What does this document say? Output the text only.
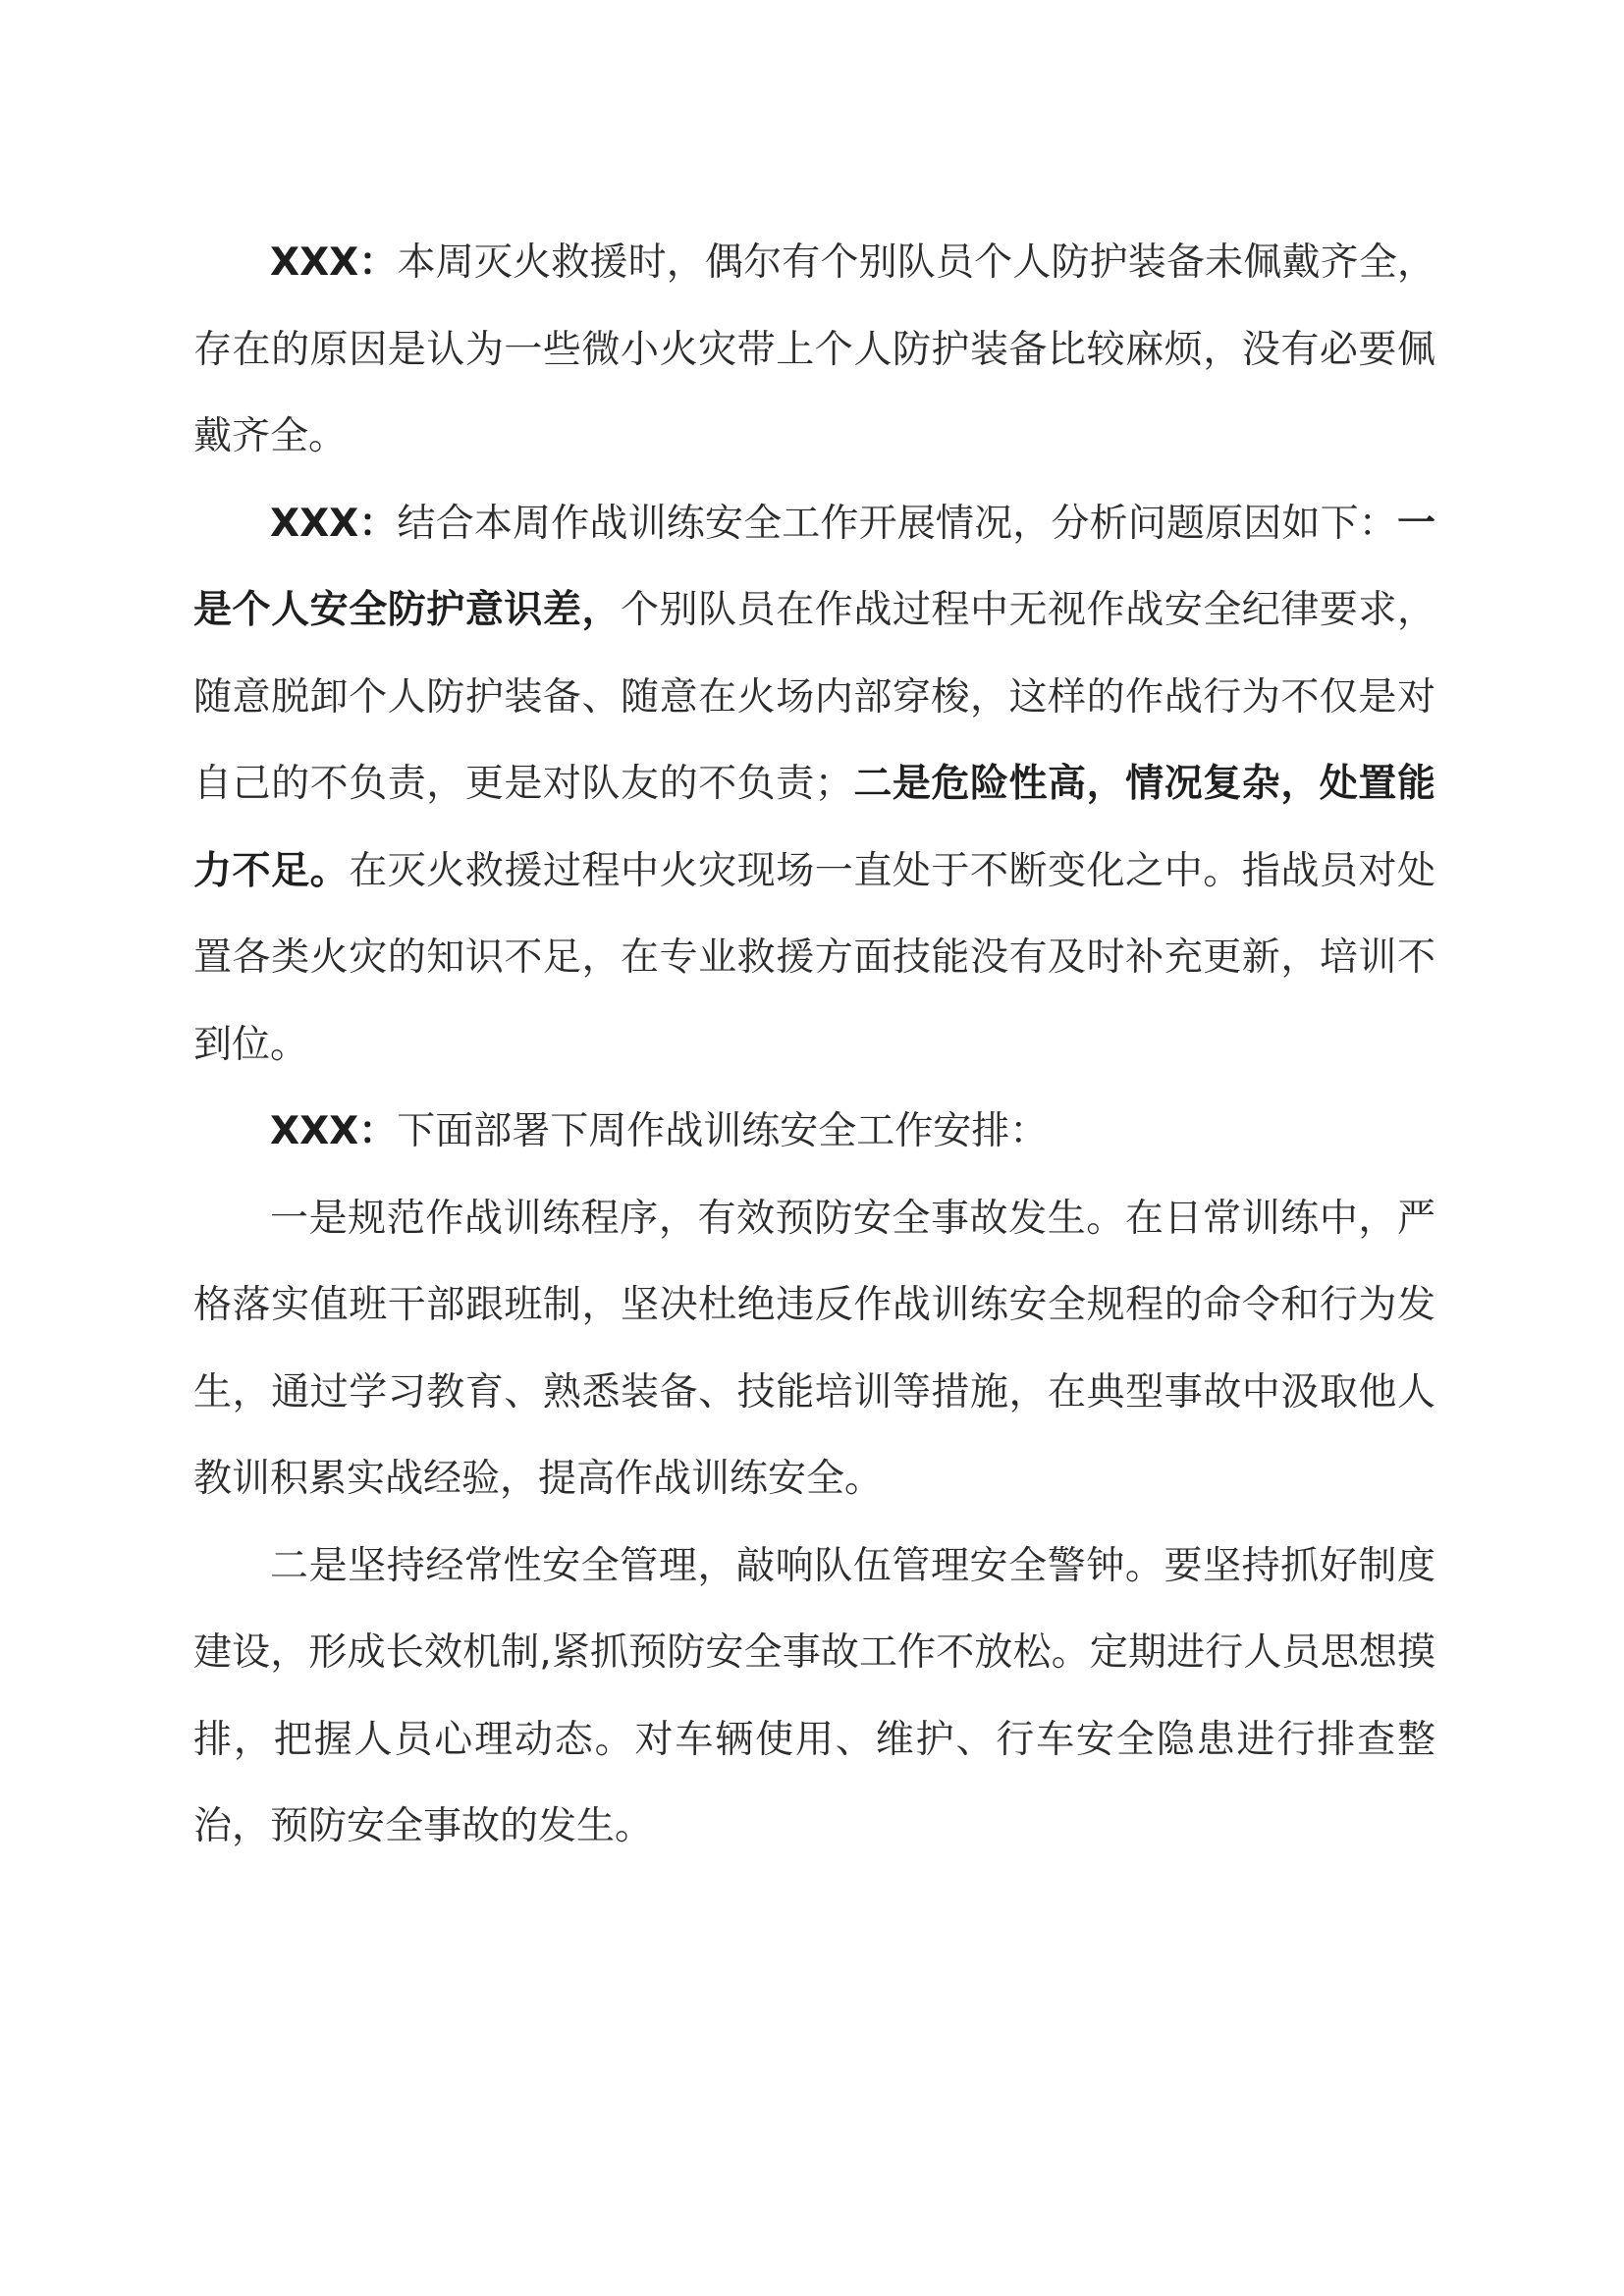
XXX：本周灭火救援时，偶尔有个别队员个人防护装备未佩戴齐全，存在的原因是认为一些微小火灾带上个人防护装备比较麻烦，没有必要佩戴齐全。

XXX：结合本周作战训练安全工作开展情况，分析问题原因如下：一是个人安全防护意识差，个别队员在作战过程中无视作战安全纪律要求，随意脱卸个人防护装备、随意在火场内部穿梭，这样的作战行为不仅是对自己的不负责，更是对队友的不负责；二是危险性高，情况复杂，处置能力不足。在灭火救援过程中火灾现场一直处于不断变化之中。指战员对处置各类火灾的知识不足，在专业救援方面技能没有及时补充更新，培训不到位。

XXX：下面部署下周作战训练安全工作安排：

一是规范作战训练程序，有效预防安全事故发生。在日常训练中，严格落实值班干部跟班制，坚决杜绝违反作战训练安全规程的命令和行为发生，通过学习教育、熟悉装备、技能培训等措施，在典型事故中汲取他人教训积累实战经验，提高作战训练安全。

二是坚持经常性安全管理，敲响队伍管理安全警钟。要坚持抓好制度建设，形成长效机制,紧抓预防安全事故工作不放松。定期进行人员思想摸排，把握人员心理动态。对车辆使用、维护、行车安全隐患进行排查整治，预防安全事故的发生。
